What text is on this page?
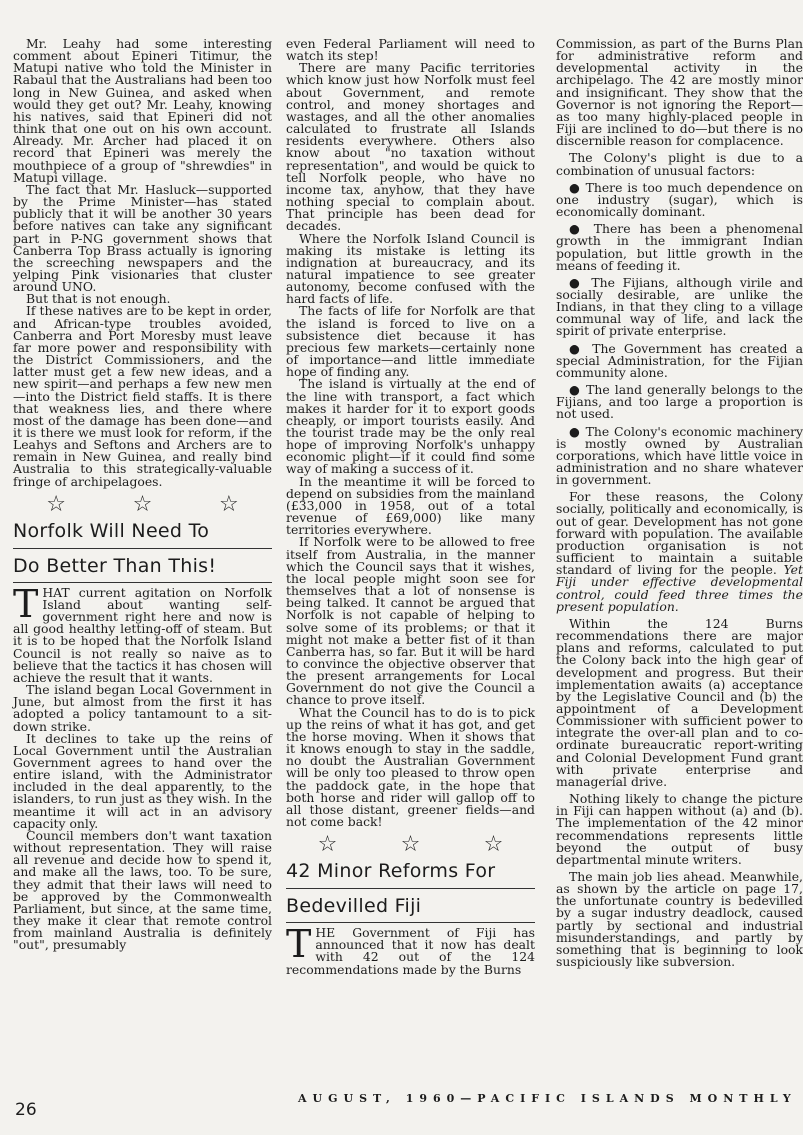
Mr. Leahy had some interesting comment about Epineri Titimur, the Matupi native who told the Minister in Rabaul that the Australians had been too long in New Guinea, and asked when would they get out? Mr. Leahy, knowing his natives, said that Epineri did not think that one out on his own account. Already. Mr. Archer had placed it on record that Epineri was merely the mouthpiece of a group of "shrewdies" in Matupi village.

The fact that Mr. Hasluck—supported by the Prime Minister—has stated publicly that it will be another 30 years before natives can take any significant part in P-NG government shows that Canberra Top Brass actually is ignoring the screeching newspapers and the yelping Pink visionaries that cluster around UNO.

But that is not enough.

If these natives are to be kept in order, and African-type troubles avoided, Canberra and Port Moresby must leave far more power and responsibility with the District Commissioners, and the latter must get a few new ideas, and a new spirit—and perhaps a few new men—into the District field staffs. It is there that weakness lies, and there where most of the damage has been done—and it is there we must look for reform, if the Leahys and Seftons and Archers are to remain in New Guinea, and really bind Australia to this strategically-valuable fringe of archipelagoes.

☆	☆	☆
Norfolk Will Need To
Do Better Than This!

THAT current agitation on Norfolk Island about wanting self-government right here and now is all good healthy letting-off of steam. But it is to be hoped that the Norfolk Island Council is not really so naive as to believe that the tactics it has chosen will achieve the result that it wants.

The island began Local Government in June, but almost from the first it has adopted a policy tantamount to a sit-down strike.

It declines to take up the reins of Local Government until the Australian Government agrees to hand over the entire island, with the Administrator included in the deal apparently, to the islanders, to run just as they wish. In the meantime it will act in an advisory capacity only.

Council members don't want taxation without representation. They will raise all revenue and decide how to spend it, and make all the laws, too. To be sure, they admit that their laws will need to be approved by the Commonwealth Parliament, but since, at the same time, they make it clear that remote control from mainland Australia is definitely "out", presumably

even Federal Parliament will need to watch its step!

There are many Pacific territories which know just how Norfolk must feel about Government, and remote control, and money shortages and wastages, and all the other anomalies calculated to frustrate all Islands residents everywhere. Others also know about "no taxation without representation", and would be quick to tell Norfolk people, who have no income tax, anyhow, that they have nothing special to complain about. That principle has been dead for decades.

Where the Norfolk Island Council is making its mistake is letting its indignation at bureaucracy, and its natural impatience to see greater autonomy, become confused with the hard facts of life.

The facts of life for Norfolk are that the island is forced to live on a subsistence diet because it has precious few markets—certainly none of importance—and little immediate hope of finding any.

The island is virtually at the end of the line with transport, a fact which makes it harder for it to export goods cheaply, or import tourists easily. And the tourist trade may be the only real hope of improving Norfolk's unhappy economic plight—if it could find some way of making a success of it.

In the meantime it will be forced to depend on subsidies from the mainland (£33,000 in 1958, out of a total revenue of £69,000) like many territories everywhere.

If Norfolk were to be allowed to free itself from Australia, in the manner which the Council says that it wishes, the local people might soon see for themselves that a lot of nonsense is being talked. It cannot be argued that Norfolk is not capable of helping to solve some of its problems; or that it might not make a better fist of it than Canberra has, so far. But it will be hard to convince the objective observer that the present arrangements for Local Government do not give the Council a chance to prove itself.

What the Council has to do is to pick up the reins of what it has got, and get the horse moving. When it shows that it knows enough to stay in the saddle, no doubt the Australian Government will be only too pleased to throw open the paddock gate, in the hope that both horse and rider will gallop off to all those distant, greener fields—and not come back!

☆	☆	☆
42 Minor Reforms For
Bedevilled Fiji

THE Government of Fiji has announced that it now has dealt with 42 out of the 124 recommendations made by the Burns

Commission, as part of the Burns Plan for administrative reform and developmental activity in the archipelago. The 42 are mostly minor and insignificant. They show that the Governor is not ignoring the Report—as too many highly-placed people in Fiji are inclined to do—but there is no discernible reason for complacence.

The Colony's plight is due to a combination of unusual factors:

● There is too much dependence on one industry (sugar), which is economically dominant.

● There has been a phenomenal growth in the immigrant Indian population, but little growth in the means of feeding it.

● The Fijians, although virile and socially desirable, are unlike the Indians, in that they cling to a village communal way of life, and lack the spirit of private enterprise.

● The Government has created a special Administration, for the Fijian community alone.

● The land generally belongs to the Fijians, and too large a proportion is not used.

● The Colony's economic machinery is mostly owned by Australian corporations, which have little voice in administration and no share whatever in government.

For these reasons, the Colony socially, politically and economically, is out of gear. Development has not gone forward with population. The available production organisation is not sufficient to maintain a suitable standard of living for the people. Yet Fiji under effective developmental control, could feed three times the present population.

Within the 124 Burns recommendations there are major plans and reforms, calculated to put the Colony back into the high gear of development and progress. But their implementation awaits (a) acceptance by the Legislative Council and (b) the appointment of a Development Commissioner with sufficient power to integrate the over-all plan and to co-ordinate bureaucratic report-writing and Colonial Development Fund grant with private enterprise and managerial drive.

Nothing likely to change the picture in Fiji can happen without (a) and (b). The implementation of the 42 minor recommendations represents little beyond the output of busy departmental minute writers.

The main job lies ahead. Meanwhile, as shown by the article on page 17, the unfortunate country is bedevilled by a sugar industry deadlock, caused partly by sectional and industrial misunderstandings, and partly by something that is beginning to look suspiciously like subversion.

26
AUGUST, 1960—PACIFIC ISLANDS MONTHLY
